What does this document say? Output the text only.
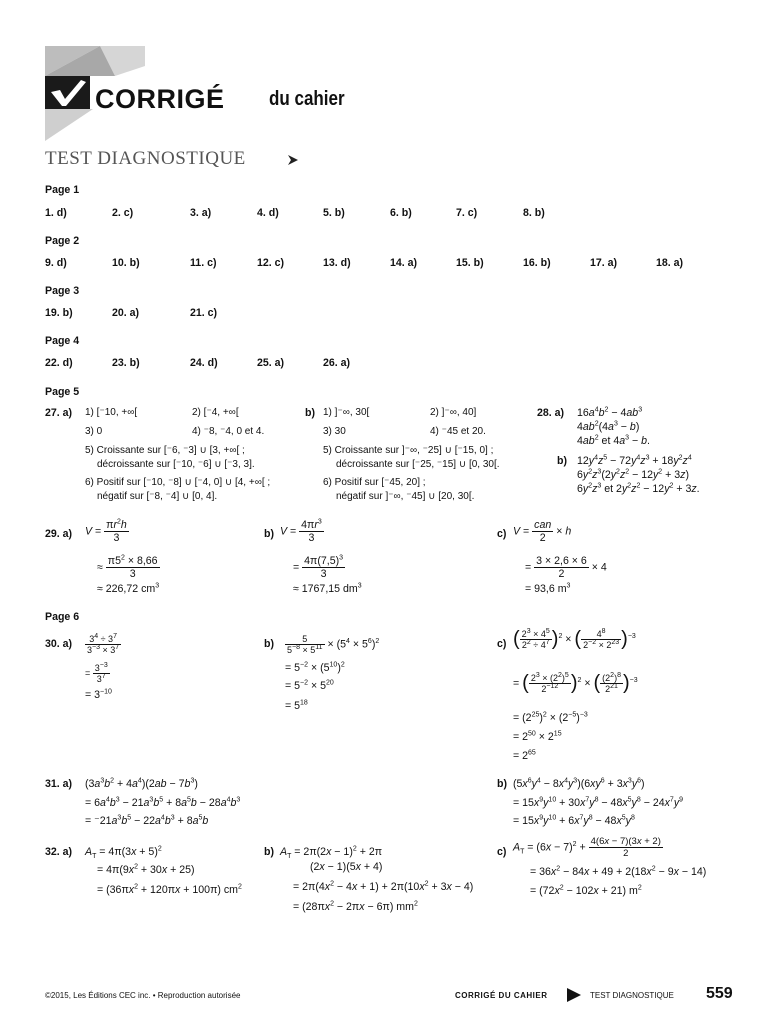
CORRIGÉ du cahier
TEST DIAGNOSTIQUE
Page 1
1. d)	2. c)	3. a)	4. d)	5. b)	6. b)	7. c)	8. b)
Page 2
9. d)	10. b)	11. c)	12. c)	13. d)	14. a)	15. b)	16. b)	17. a)	18. a)
Page 3
19. b)	20. a)	21. c)
Page 4
22. d)	23. b)	24. d)	25. a)	26. a)
Page 5
27. a) 1) [⁻10, +∞[	2) [⁻4, +∞[
3) 0	4) ⁻8, ⁻4, 0 et 4.
5) Croissante sur [⁻6, ⁻3] ∪ [3, +∞[ ;
décroissante sur [⁻10, ⁻6] ∪ [⁻3, 3].
6) Positif sur [⁻10, ⁻8] ∪ [⁻4, 0] ∪ [4, +∞[ ;
négatif sur [⁻8, ⁻4] ∪ [0, 4].
b) 1) ]⁻∞, 30[	2) ]⁻∞, 40]
3) 30	4) ⁻45 et 20.
5) Croissante sur ]⁻∞, ⁻25] ∪ [⁻15, 0] ;
décroissante sur [⁻25, ⁻15] ∪ [0, 30[.
6) Positif sur [⁻45, 20] ;
négatif sur ]⁻∞, ⁻45] ∪ [20, 30[.
28. a) $16a^4b^2 - 4ab^3$
$4ab^2(4a^3 - b)$
$4ab^2$ et $4a^3 - b$.
b) $12y^4z^5 - 72y^4z^3 + 18y^2z^4$
$6y^2z^3(2y^2z^2 - 12y^2 + 3z)$
$6y^2z^3$ et $2y^2z^2 - 12y^2 + 3z$.
29. a) $V = \frac{\pi r^2h}{3}$
≈ $\frac{\pi 5^2 \times 8,66}{3}$
≈ 226,72 $cm^3$
b) $V = \frac{4\pi r^3}{3}$
= $\frac{4\pi(7,5)^3}{3}$
≈ 1767,15 $dm^3$
c) $V = \frac{\text{can}}{2} \times h$
= $\frac{3 \times 2,6 \times 6}{2} \times 4$
= 93,6 $m^3$
Page 6
30. $a) \frac{3^4 \div 3^7}{3^{-3} \times 3^7}$
= $\frac{3^{-3}}{3^7}$
= $3^{-10}$
$b) \frac{5}{5^{-8} \times 5^{11}} \times (5^4 \times 5^6)^2$
= $5^{-2} \times (5^{10})^2$
= $5^{-2} \times 5^{20}$
= $5^{18}$
c) ( $\frac{2^3 \times 4^5}{2^2 \div 4^7} )^2$ × ( $\frac{4^8}{2^{-2} \times 2^{23}} )^{-3}$
= ( $\frac{2^3 \times (2^2)^5}{2^{-12}} )^2$ × ( $\frac{(2^2)^8}{2^{21}} )^{-3}$
= $(2^{25})^2 \times (2^{-5})^{-3}$
= $2^{50} \times 2^{15}$
= $2^{65}$
31. a) $(3a^3b^2 + 4a^4)(2ab - 7b^3)$
= $6a^4b^3 - 21a^3b^5 + 8a^5b - 28a^4b^3$
= $^-21a^3b^5 - 22a^4b^3 + 8a^5b$
b) $(5x^6y^4 - 8x^4y^3)(6xy^6 + 3x^3y^6)$
= $15x^9y^{10} + 30x^7y^8 - 48x^5y^8 - 24x^7y^9$
= $15x^9y^{10} + 6x^7y^8 - 48x^5y^8$
32. a) $A_T = 4\pi(3x + 5)^2$
= $4\pi(9x^2 + 30x + 25)$
= $(36\pi x^2 + 120\pi x + 100\pi)$ $cm^2$
b) $A_T = 2\pi(2x - 1)^2 + 2\pi$
(2x − 1)(5x + 4)
= $2\pi(4x^2 - 4x + 1) + 2\pi(10x^2 + 3x - 4)$
= $(28\pi x^2 - 2\pi x - 6\pi)$ $mm^2$
c) $A_T = (6x - 7)^2 + \frac{4(6x - 7)(3x + 2)}{2}$
= $36x^2 - 84x + 49 + 2(18x^2 - 9x - 14)$
= $(72x^2 - 102x + 21)$ $m^2$
©2015, Les Éditions CEC inc. • Reproduction autorisée	CORRIGÉ DU CAHIER	TEST DIAGNOSTIQUE 559
